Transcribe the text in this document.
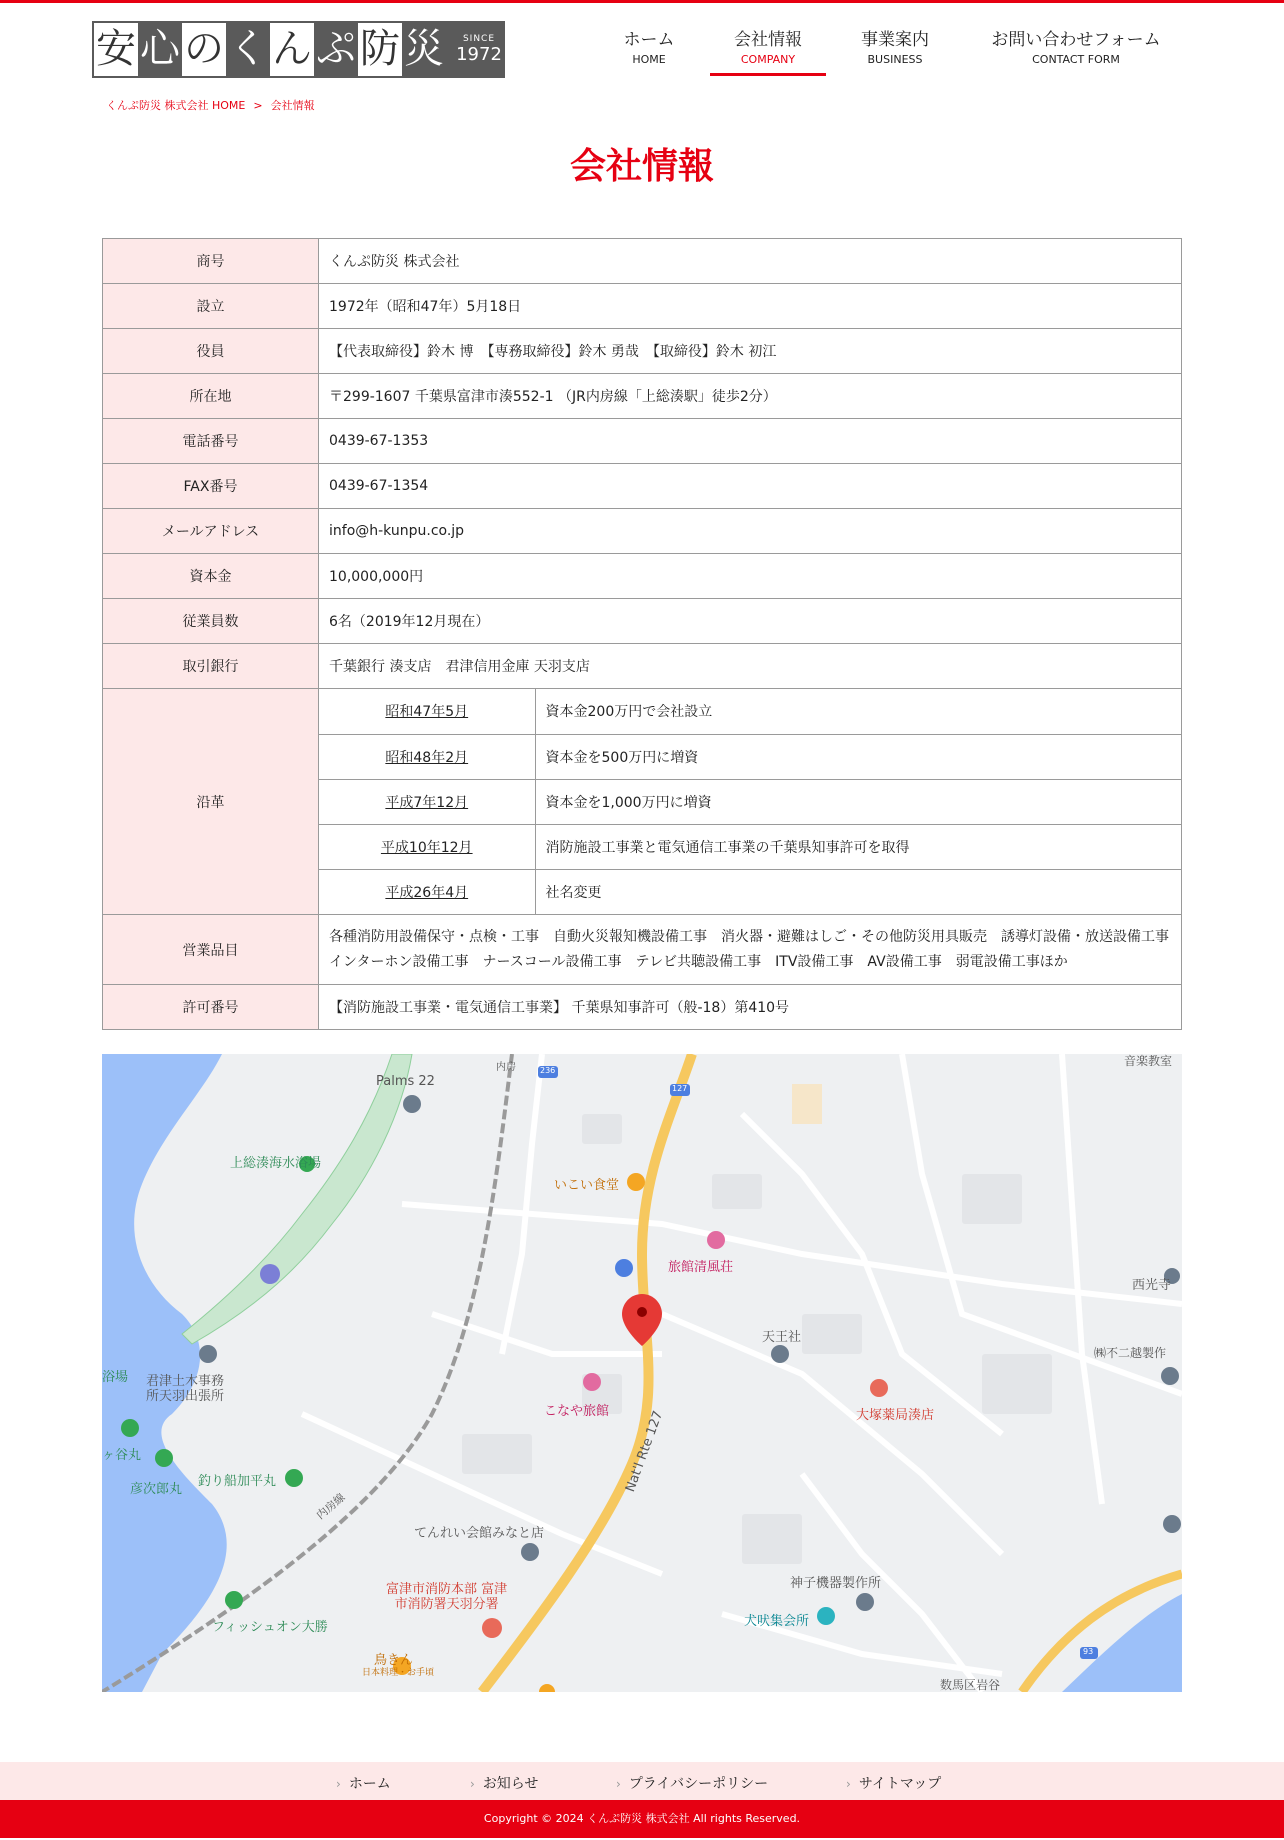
安 心 の く ん ぷ 防 災	SINCE
1972
ホーム
HOME
会社情報
COMPANY
事業案内
BUSINESS
お問い合わせフォーム
CONTACT FORM
くんぷ防災 株式会社 HOME > 会社情報
会社情報
商号	くんぷ防災 株式会社
設立	1972年（昭和47年）5月18日
役員	【代表取締役】鈴木 博　【専務取締役】鈴木 勇哉　【取締役】鈴木 初江
所在地	〒299-1607 千葉県富津市湊552-1 （JR内房線「上総湊駅」徒歩2分）
電話番号	0439-67-1353
FAX番号	0439-67-1354
メールアドレス	info@h-kunpu.co.jp
資本金	10,000,000円
従業員数	6名（2019年12月現在）
取引銀行	千葉銀行 湊支店　君津信用金庫 天羽支店
沿革	
昭和47年5月	資本金200万円で会社設立
昭和48年2月	資本金を500万円に増資
平成7年12月	資本金を1,000万円に増資
平成10年12月	消防施設工事業と電気通信工事業の千葉県知事許可を取得
平成26年4月	社名変更

営業品目	各種消防用設備保守・点検・工事　自動火災報知機設備工事　消火器・避難はしご・その他防災用具販売　誘導灯設備・放送設備工事　インターホン設備工事　ナースコール設備工事　テレビ共聴設備工事　ITV設備工事　AV設備工事　弱電設備工事ほか
許可番号	【消防施設工事業・電気通信工事業】 千葉県知事許可（般-18）第410号
Palms 22
内房	音楽教室
上総湊海水浴場
いこい食堂
旅館清風荘
西光寺
天王社
㈱不二越製作
浴場 君津土木事務
所天羽出張所
こなや旅館	大塚薬局湊店
ヶ谷丸
釣り船加平丸
彦次郎丸
内房線
Nat'l Rte 127
てんれい会館みなと店
富津市消防本部 富津
市消防署天羽分署
神子機器製作所
犬吠集会所
フィッシュオン大勝
鳥きん
日本料理・お手頃
数馬区岩谷
236
127
93
› ホーム	› お知らせ	› プライバシーポリシー	› サイトマップ
Copyright © 2024 くんぷ防災 株式会社 All rights Reserved.
